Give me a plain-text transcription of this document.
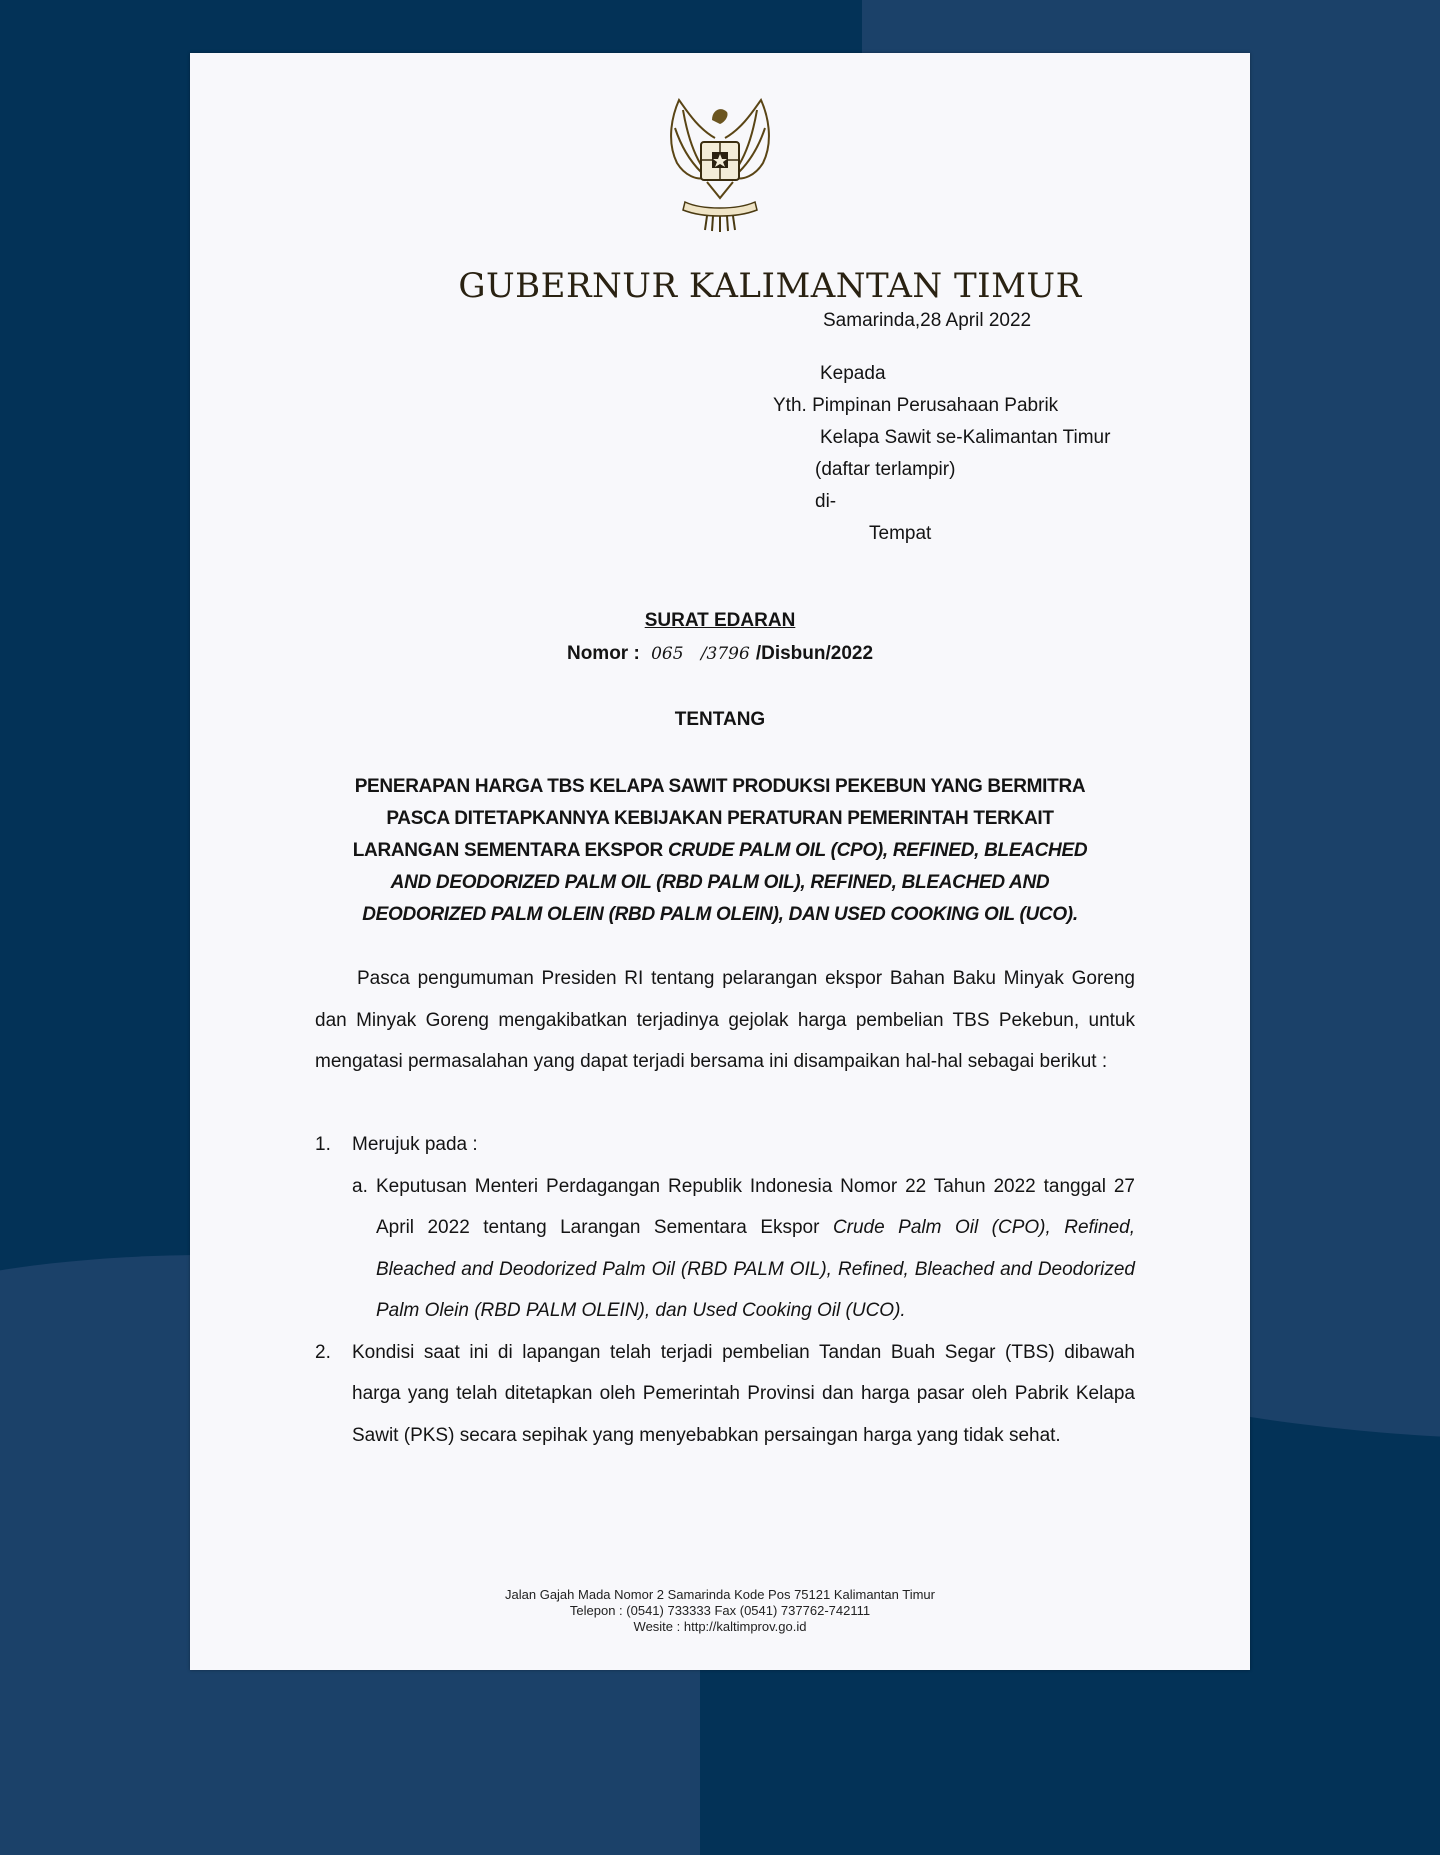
GUBERNUR KALIMANTAN TIMUR
Samarinda,28 April 2022
Kepada
Yth. Pimpinan Perusahaan Pabrik
Kelapa Sawit se-Kalimantan Timur
(daftar terlampir)
di-
Tempat
SURAT EDARAN
Nomor : 065 /3796 /Disbun/2022
TENTANG
PENERAPAN HARGA TBS KELAPA SAWIT PRODUKSI PEKEBUN YANG BERMITRA
PASCA DITETAPKANNYA KEBIJAKAN PERATURAN PEMERINTAH TERKAIT
LARANGAN SEMENTARA EKSPOR CRUDE PALM OIL (CPO), REFINED, BLEACHED
AND DEODORIZED PALM OIL (RBD PALM OIL), REFINED, BLEACHED AND
DEODORIZED PALM OLEIN (RBD PALM OLEIN), DAN USED COOKING OIL (UCO).

Pasca pengumuman Presiden RI tentang pelarangan ekspor Bahan Baku Minyak Goreng dan Minyak Goreng mengakibatkan terjadinya gejolak harga pembelian TBS Pekebun, untuk mengatasi permasalahan yang dapat terjadi bersama ini disampaikan hal-hal sebagai berikut :

1.	Merujuk pada :
a. Keputusan Menteri Perdagangan Republik Indonesia Nomor 22 Tahun 2022 tanggal 27 April 2022 tentang Larangan Sementara Ekspor Crude Palm Oil (CPO), Refined, Bleached and Deodorized Palm Oil (RBD PALM OIL), Refined, Bleached and Deodorized Palm Olein (RBD PALM OLEIN), dan Used Cooking Oil (UCO).
2.	Kondisi saat ini di lapangan telah terjadi pembelian Tandan Buah Segar (TBS) dibawah harga yang telah ditetapkan oleh Pemerintah Provinsi dan harga pasar oleh Pabrik Kelapa Sawit (PKS) secara sepihak yang menyebabkan persaingan harga yang tidak sehat.
Jalan Gajah Mada Nomor 2 Samarinda Kode Pos 75121 Kalimantan Timur
Telepon : (0541) 733333 Fax (0541) 737762-742111
Wesite : http://kaltimprov.go.id
